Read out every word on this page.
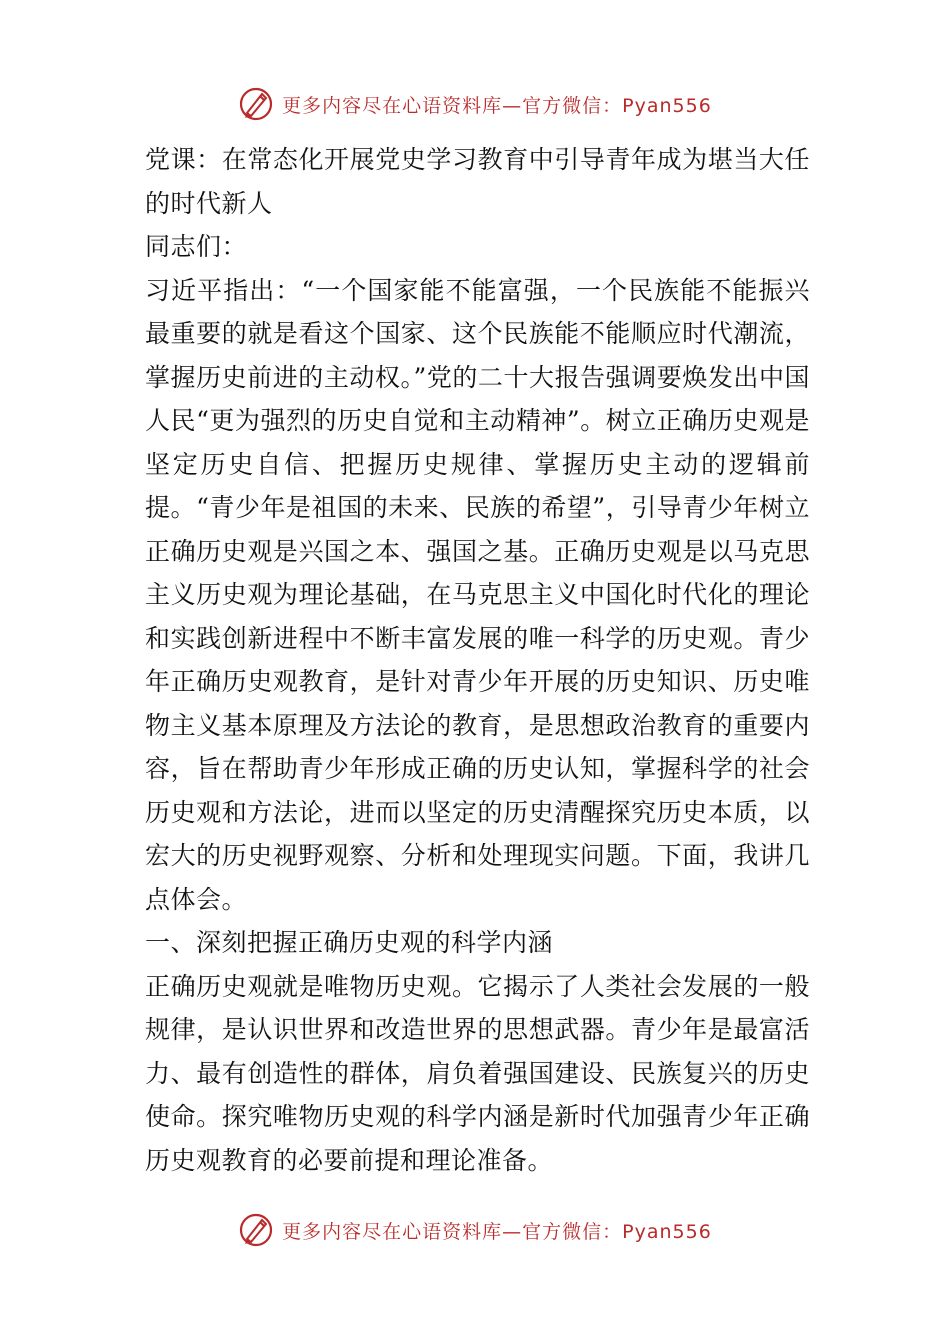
更多内容尽在心语资料库—官方微信：Pyan556

党课：在常态化开展党史学习教育中引导青年成为堪当大任的时代新人

同志们：

习近平指出：“一个国家能不能富强，一个民族能不能振兴最重要的就是看这个国家、这个民族能不能顺应时代潮流，掌握历史前进的主动权。”党的二十大报告强调要焕发出中国人民“更为强烈的历史自觉和主动精神”。树立正确历史观是坚定历史自信、把握历史规律、掌握历史主动的逻辑前提。“青少年是祖国的未来、民族的希望”，引导青少年树立正确历史观是兴国之本、强国之基。正确历史观是以马克思主义历史观为理论基础，在马克思主义中国化时代化的理论和实践创新进程中不断丰富发展的唯一科学的历史观。青少年正确历史观教育，是针对青少年开展的历史知识、历史唯物主义基本原理及方法论的教育，是思想政治教育的重要内容，旨在帮助青少年形成正确的历史认知，掌握科学的社会历史观和方法论，进而以坚定的历史清醒探究历史本质，以宏大的历史视野观察、分析和处理现实问题。下面，我讲几点体会。

一、深刻把握正确历史观的科学内涵

正确历史观就是唯物历史观。它揭示了人类社会发展的一般规律，是认识世界和改造世界的思想武器。青少年是最富活力、最有创造性的群体，肩负着强国建设、民族复兴的历史使命。探究唯物历史观的科学内涵是新时代加强青少年正确历史观教育的必要前提和理论准备。

更多内容尽在心语资料库—官方微信：Pyan556
